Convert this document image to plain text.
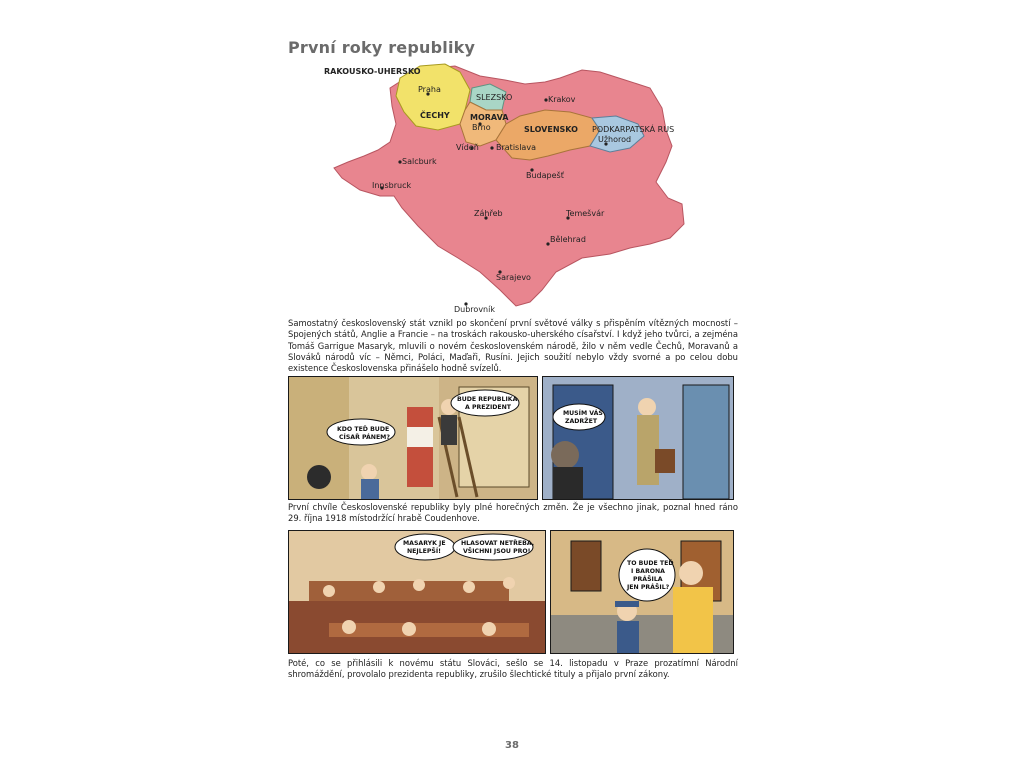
První roky republiky
RAKOUSKO-UHERSKO
Praha
ČECHY
SLEZSKO
MORAVA
Brno
Krakov
SLOVENSKO PODKARPATSKÁ RUS
Užhorod
Vídeň Bratislava
Salcburk
Innsbruck
Budapešť
Záhřeb	Temešvár
Bělehrad
Sarajevo
Dubrovník
Samostatný československý stát vznikl po skončení první světové války s přispěním vítězných mocností – Spojených států, Anglie a Francie – na troskách rakousko-uherského císařství. I když jeho tvůrci, a zejména Tomáš Garrigue Masaryk, mluvili o novém československém národě, žilo v něm vedle Čechů, Moravanů a Slováků národů víc – Němci, Poláci, Maďaři, Rusíni. Jejich soužití nebylo vždy svorné a po celou dobu existence Československa přinášelo hodně svízelů.
KDO TEĎ BUDE
CÍSAŘ PÁNEM?
BUDE REPUBLIKA
A PREZIDENT
MUSÍM VÁS
ZADRŽET
První chvíle Československé republiky byly plné horečných změn. Že je všechno jinak, poznal hned ráno 29. října 1918 místodržící hrabě Coudenhove.
MASARYK JE
NEJLEPŠÍ!
HLASOVAT NETŘEBA,
VŠICHNI JSOU PRO!
TO BUDE TEĎ
I BARONA
PRÁŠILA
JEN PRÁŠIL?
Poté, co se přihlásili k novému státu Slováci, sešlo se 14. listopadu v Praze prozatímní Národní shromáždění, provolalo prezidenta republiky, zrušilo šlechtické tituly a přijalo první zákony.
38
